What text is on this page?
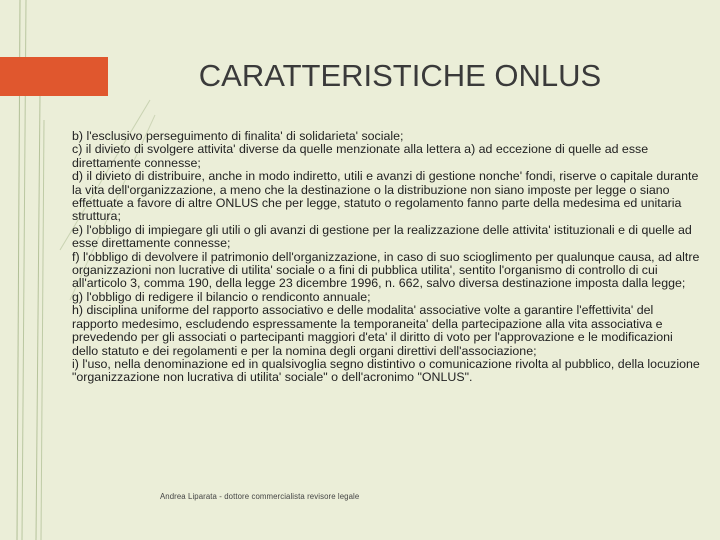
CARATTERISTICHE ONLUS

b) l'esclusivo perseguimento di finalita' di solidarieta' sociale;

c) il divieto di svolgere attivita' diverse da quelle menzionate alla lettera a) ad eccezione di quelle ad esse direttamente connesse;

d) il divieto di distribuire, anche in modo indiretto, utili e avanzi di gestione nonche' fondi, riserve o capitale durante la vita dell'organizzazione, a meno che la destinazione o la distribuzione non siano imposte per legge o siano effettuate a favore di altre ONLUS che per legge, statuto o regolamento fanno parte della medesima ed unitaria struttura;

e) l'obbligo di impiegare gli utili o gli avanzi di gestione per la realizzazione delle attivita' istituzionali e di quelle ad esse direttamente connesse;

f) l'obbligo di devolvere il patrimonio dell'organizzazione, in caso di suo scioglimento per qualunque causa, ad altre organizzazioni non lucrative di utilita' sociale o a fini di pubblica utilita', sentito l'organismo di controllo di cui all'articolo 3, comma 190, della legge 23 dicembre 1996, n. 662, salvo diversa destinazione imposta dalla legge;

g) l'obbligo di redigere il bilancio o rendiconto annuale;

h) disciplina uniforme del rapporto associativo e delle modalita' associative volte a garantire l'effettivita' del rapporto medesimo, escludendo espressamente la temporaneita' della partecipazione alla vita associativa e prevedendo per gli associati o partecipanti maggiori d'eta' il diritto di voto per l'approvazione e le modificazioni dello statuto e dei regolamenti e per la nomina degli organi direttivi dell'associazione;

i) l'uso, nella denominazione ed in qualsivoglia segno distintivo o comunicazione rivolta al pubblico, della locuzione "organizzazione non lucrativa di utilita' sociale" o dell'acronimo "ONLUS".

Andrea Liparata - dottore commercialista revisore legale
